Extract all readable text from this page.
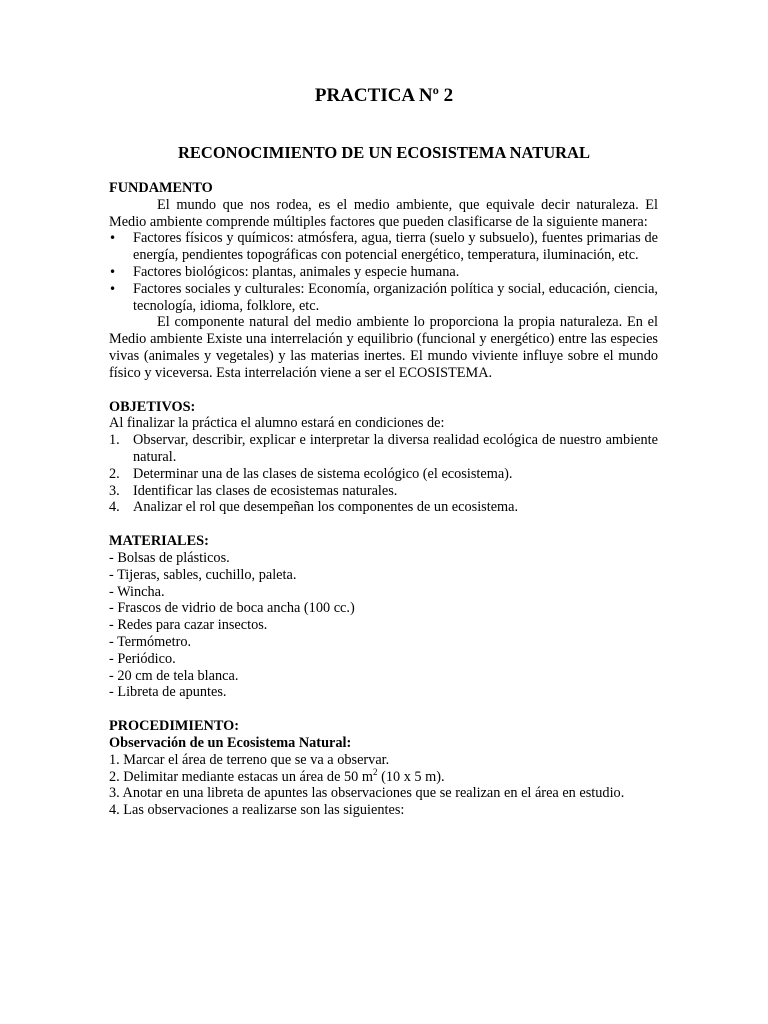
PRACTICA Nº 2
RECONOCIMIENTO DE UN ECOSISTEMA NATURAL
FUNDAMENTO

El mundo que nos rodea, es el medio ambiente, que equivale decir naturaleza. El Medio ambiente comprende múltiples factores que pueden clasificarse de la siguiente manera:

• Factores físicos y químicos: atmósfera, agua, tierra (suelo y subsuelo), fuentes primarias de energía, pendientes topográficas con potencial energético, temperatura, iluminación, etc.
• Factores biológicos: plantas, animales y especie humana.
• Factores sociales y culturales: Economía, organización política y social, educación, ciencia, tecnología, idioma, folklore, etc.

El componente natural del medio ambiente lo proporciona la propia naturaleza. En el Medio ambiente Existe una interrelación y equilibrio (funcional y energético) entre las especies vivas (animales y vegetales) y las materias inertes. El mundo viviente influye sobre el mundo físico y viceversa. Esta interrelación viene a ser el ECOSISTEMA.

OBJETIVOS:

Al finalizar la práctica el alumno estará en condiciones de:

1. Observar, describir, explicar e interpretar la diversa realidad ecológica de nuestro ambiente natural.
2. Determinar una de las clases de sistema ecológico (el ecosistema).
3. Identificar las clases de ecosistemas naturales.
4. Analizar el rol que desempeñan los componentes de un ecosistema.
MATERIALES:
- Bolsas de plásticos.
- Tijeras, sables, cuchillo, paleta.
- Wincha.
- Frascos de vidrio de boca ancha (100 cc.)
- Redes para cazar insectos.
- Termómetro.
- Periódico.
- 20 cm de tela blanca.
- Libreta de apuntes.
PROCEDIMIENTO:
Observación de un Ecosistema Natural:
1. Marcar el área de terreno que se va a observar.
2. Delimitar mediante estacas un área de 50 $m^2$ (10 x 5 m).
3. Anotar en una libreta de apuntes las observaciones que se realizan en el área en estudio.
4. Las observaciones a realizarse son las siguientes:
